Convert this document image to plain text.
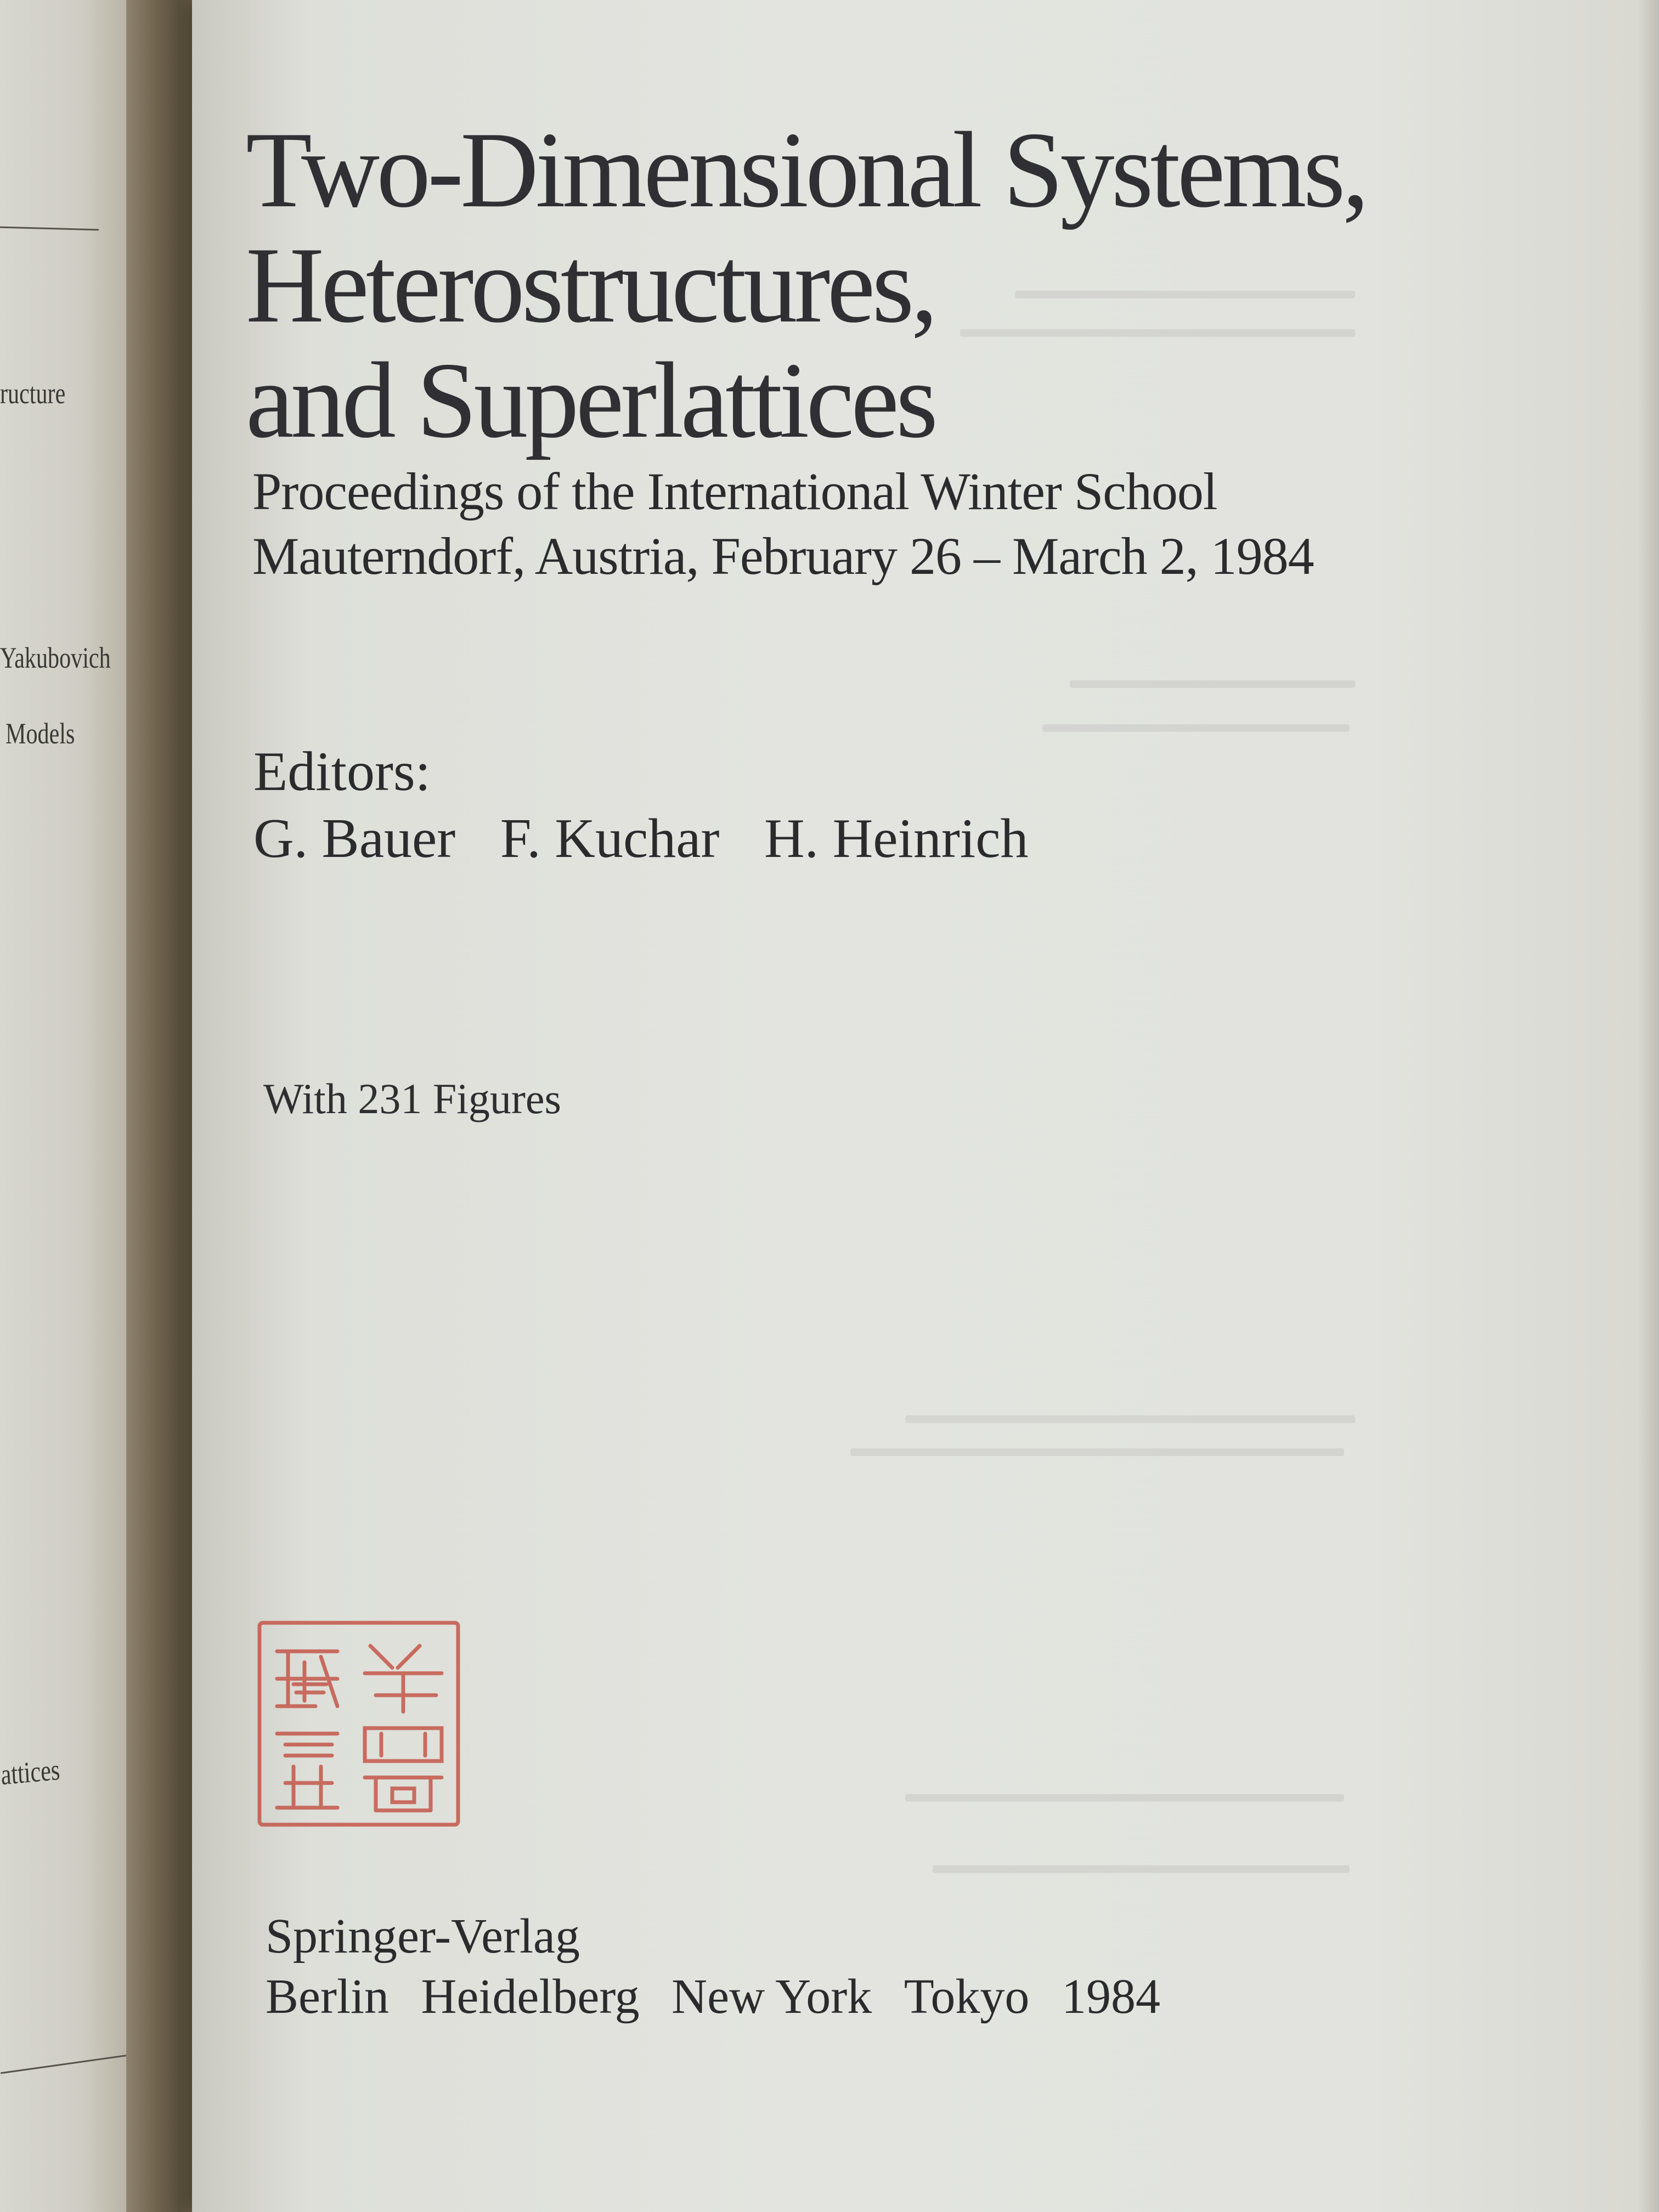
ructure
Yakubovich
Models
attices
Two-Dimensional Systems,
Heterostructures,
and Superlattices
Proceedings of the International Winter School
Mauterndorf, Austria, February 26 – March 2, 1984
Editors:
G. Bauer F. Kuchar H. Heinrich
With 231 Figures
Springer-Verlag
Berlin Heidelberg New York Tokyo 1984
